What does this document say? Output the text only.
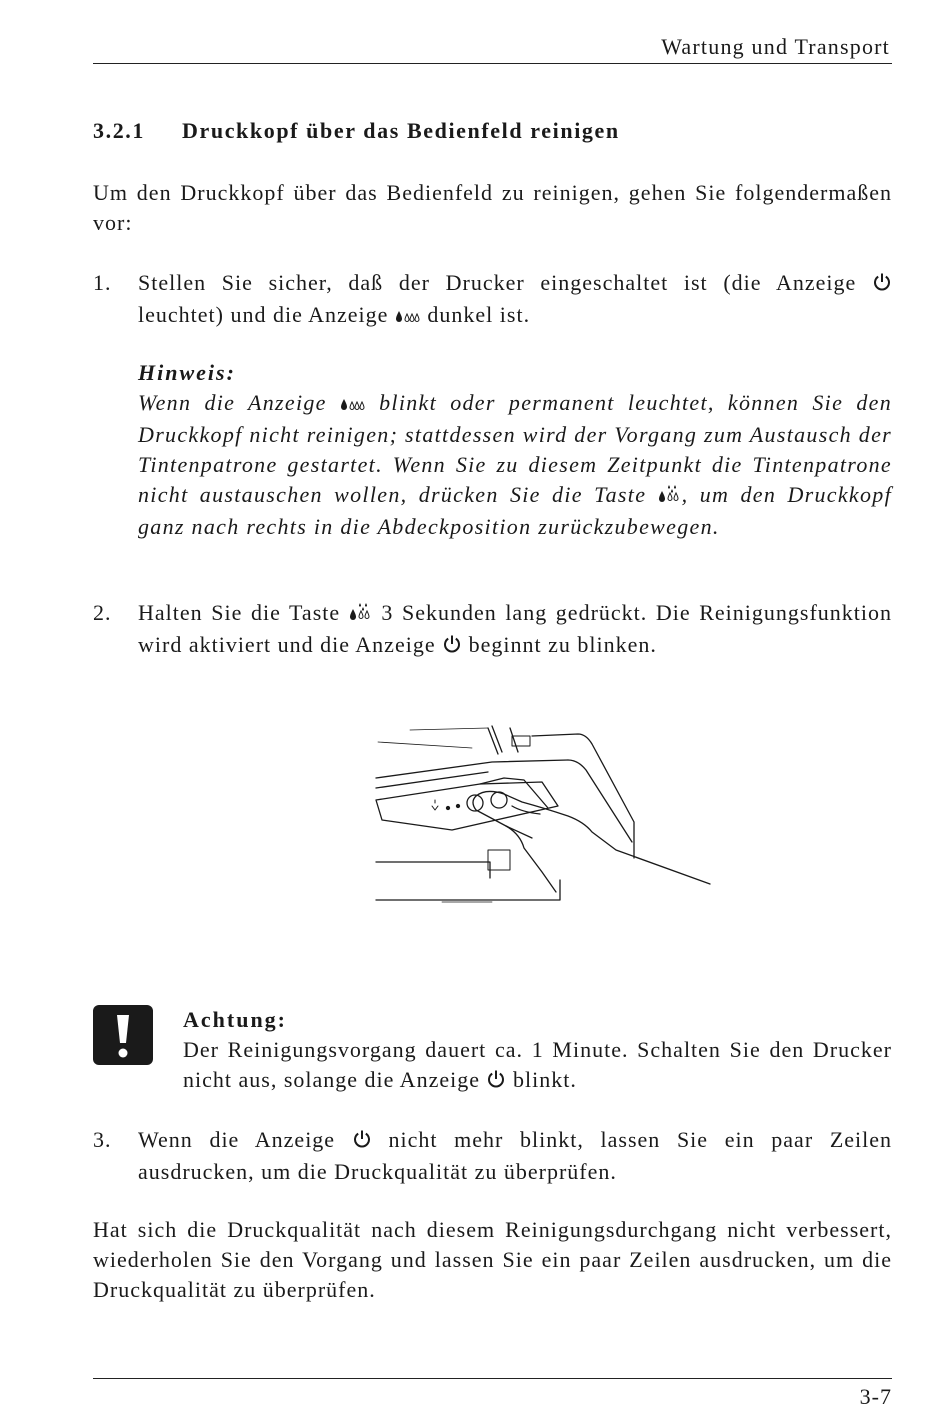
Wartung und Transport
3.2.1 Druckkopf über das Bedienfeld reinigen
Um den Druckkopf über das Bedienfeld zu reinigen, gehen Sie folgendermaßen vor:
1. Stellen Sie sicher, daß der Drucker eingeschaltet ist (die Anzeige  leuchtet) und die Anzeige dunkel ist.
Hinweis:
Wenn die Anzeige blinkt oder permanent leuchtet, können Sie den Druckkopf nicht reinigen; stattdessen wird der Vorgang zum Austausch der Tintenpatrone gestartet. Wenn Sie zu diesem Zeitpunkt die Tintenpatrone nicht austauschen wollen, drücken Sie die Taste , um den Druckkopf ganz nach rechts in die Abdeckposition zurückzubewegen.
2. Halten Sie die Taste 3 Sekunden lang gedrückt. Die Reinigungsfunktion wird aktiviert und die Anzeige beginnt zu blinken.
Achtung:
Der Reinigungsvorgang dauert ca. 1 Minute. Schalten Sie den Drucker nicht aus, solange die Anzeige blinkt.
3. Wenn die Anzeige nicht mehr blinkt, lassen Sie ein paar Zeilen ausdrucken, um die Druckqualität zu überprüfen.
Hat sich die Druckqualität nach diesem Reinigungsdurchgang nicht verbessert, wiederholen Sie den Vorgang und lassen Sie ein paar Zeilen ausdrucken, um die Druckqualität zu überprüfen.
3-7
